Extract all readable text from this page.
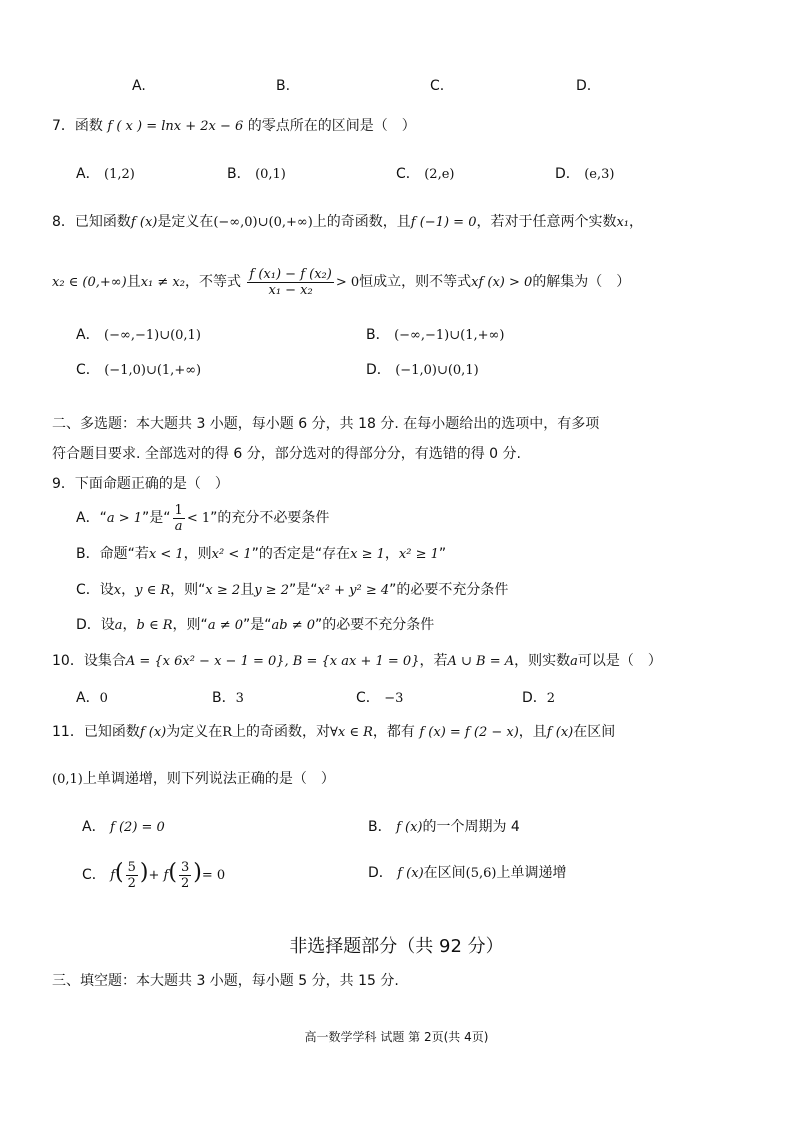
A.	B.	C.	D.
7．函数 f ( x ) = lnx + 2x − 6 的零点所在的区间是（　）
A． (1,2)	B． (0,1)	C． (2,e)	D． (e,3)
8．已知函数f (x)是定义在(−∞,0)∪(0,+∞)上的奇函数，且f (−1) = 0，若对于任意两个实数x₁，
x₂ ∈ (0,+∞)且x₁ ≠ x₂，不等式 $\frac{\text{f (x₁) − f (x₂)}}{\text{x₁ − x₂}} > 0$恒成立，则不等式xf (x) > 0的解集为（　）
A． (−∞,−1)∪(0,1)	B． (−∞,−1)∪(1,+∞)
C． (−1,0)∪(1,+∞)	D． (−1,0)∪(0,1)
二、多选题：本大题共 3 小题，每小题 6 分，共 18 分. 在每小题给出的选项中，有多项
符合题目要求. 全部选对的得 6 分，部分选对的得部分分，有选错的得 0 分.
9．下面命题正确的是（　）
A．“a > 1”是“ $\frac{1}{a} < 1$”的充分不必要条件
B．命题“若x < 1，则x² < 1”的否定是“存在x ≥ 1，x² ≥ 1”
C．设x，y ∈ R，则“x ≥ 2且y ≥ 2”是“x² + y² ≥ 4”的必要不充分条件
D．设a，b ∈ R，则“a ≠ 0”是“ab ≠ 0”的必要不充分条件
10．设集合A = {x 6x² − x − 1 = 0}, B = {x ax + 1 = 0}，若A ∪ B = A，则实数a可以是（　）
A．0	B．3	C． −3	D．2
11．已知函数f (x)为定义在R上的奇函数，对∀x ∈ R，都有 f (x) = f (2 − x)，且f (x)在区间
(0,1)上单调递增，则下列说法正确的是（　）
A． f (2) = 0	B． f (x)的一个周期为 4
C． $f( \frac{5}{2}$ )+ $f( \frac{3}{2}$ )= 0	D． f (x)在区间(5,6)上单调递增
非选择题部分（共 92 分）
三、填空题：本大题共 3 小题，每小题 5 分，共 15 分.
高一数学学科 试题 第 2页(共 4页)
